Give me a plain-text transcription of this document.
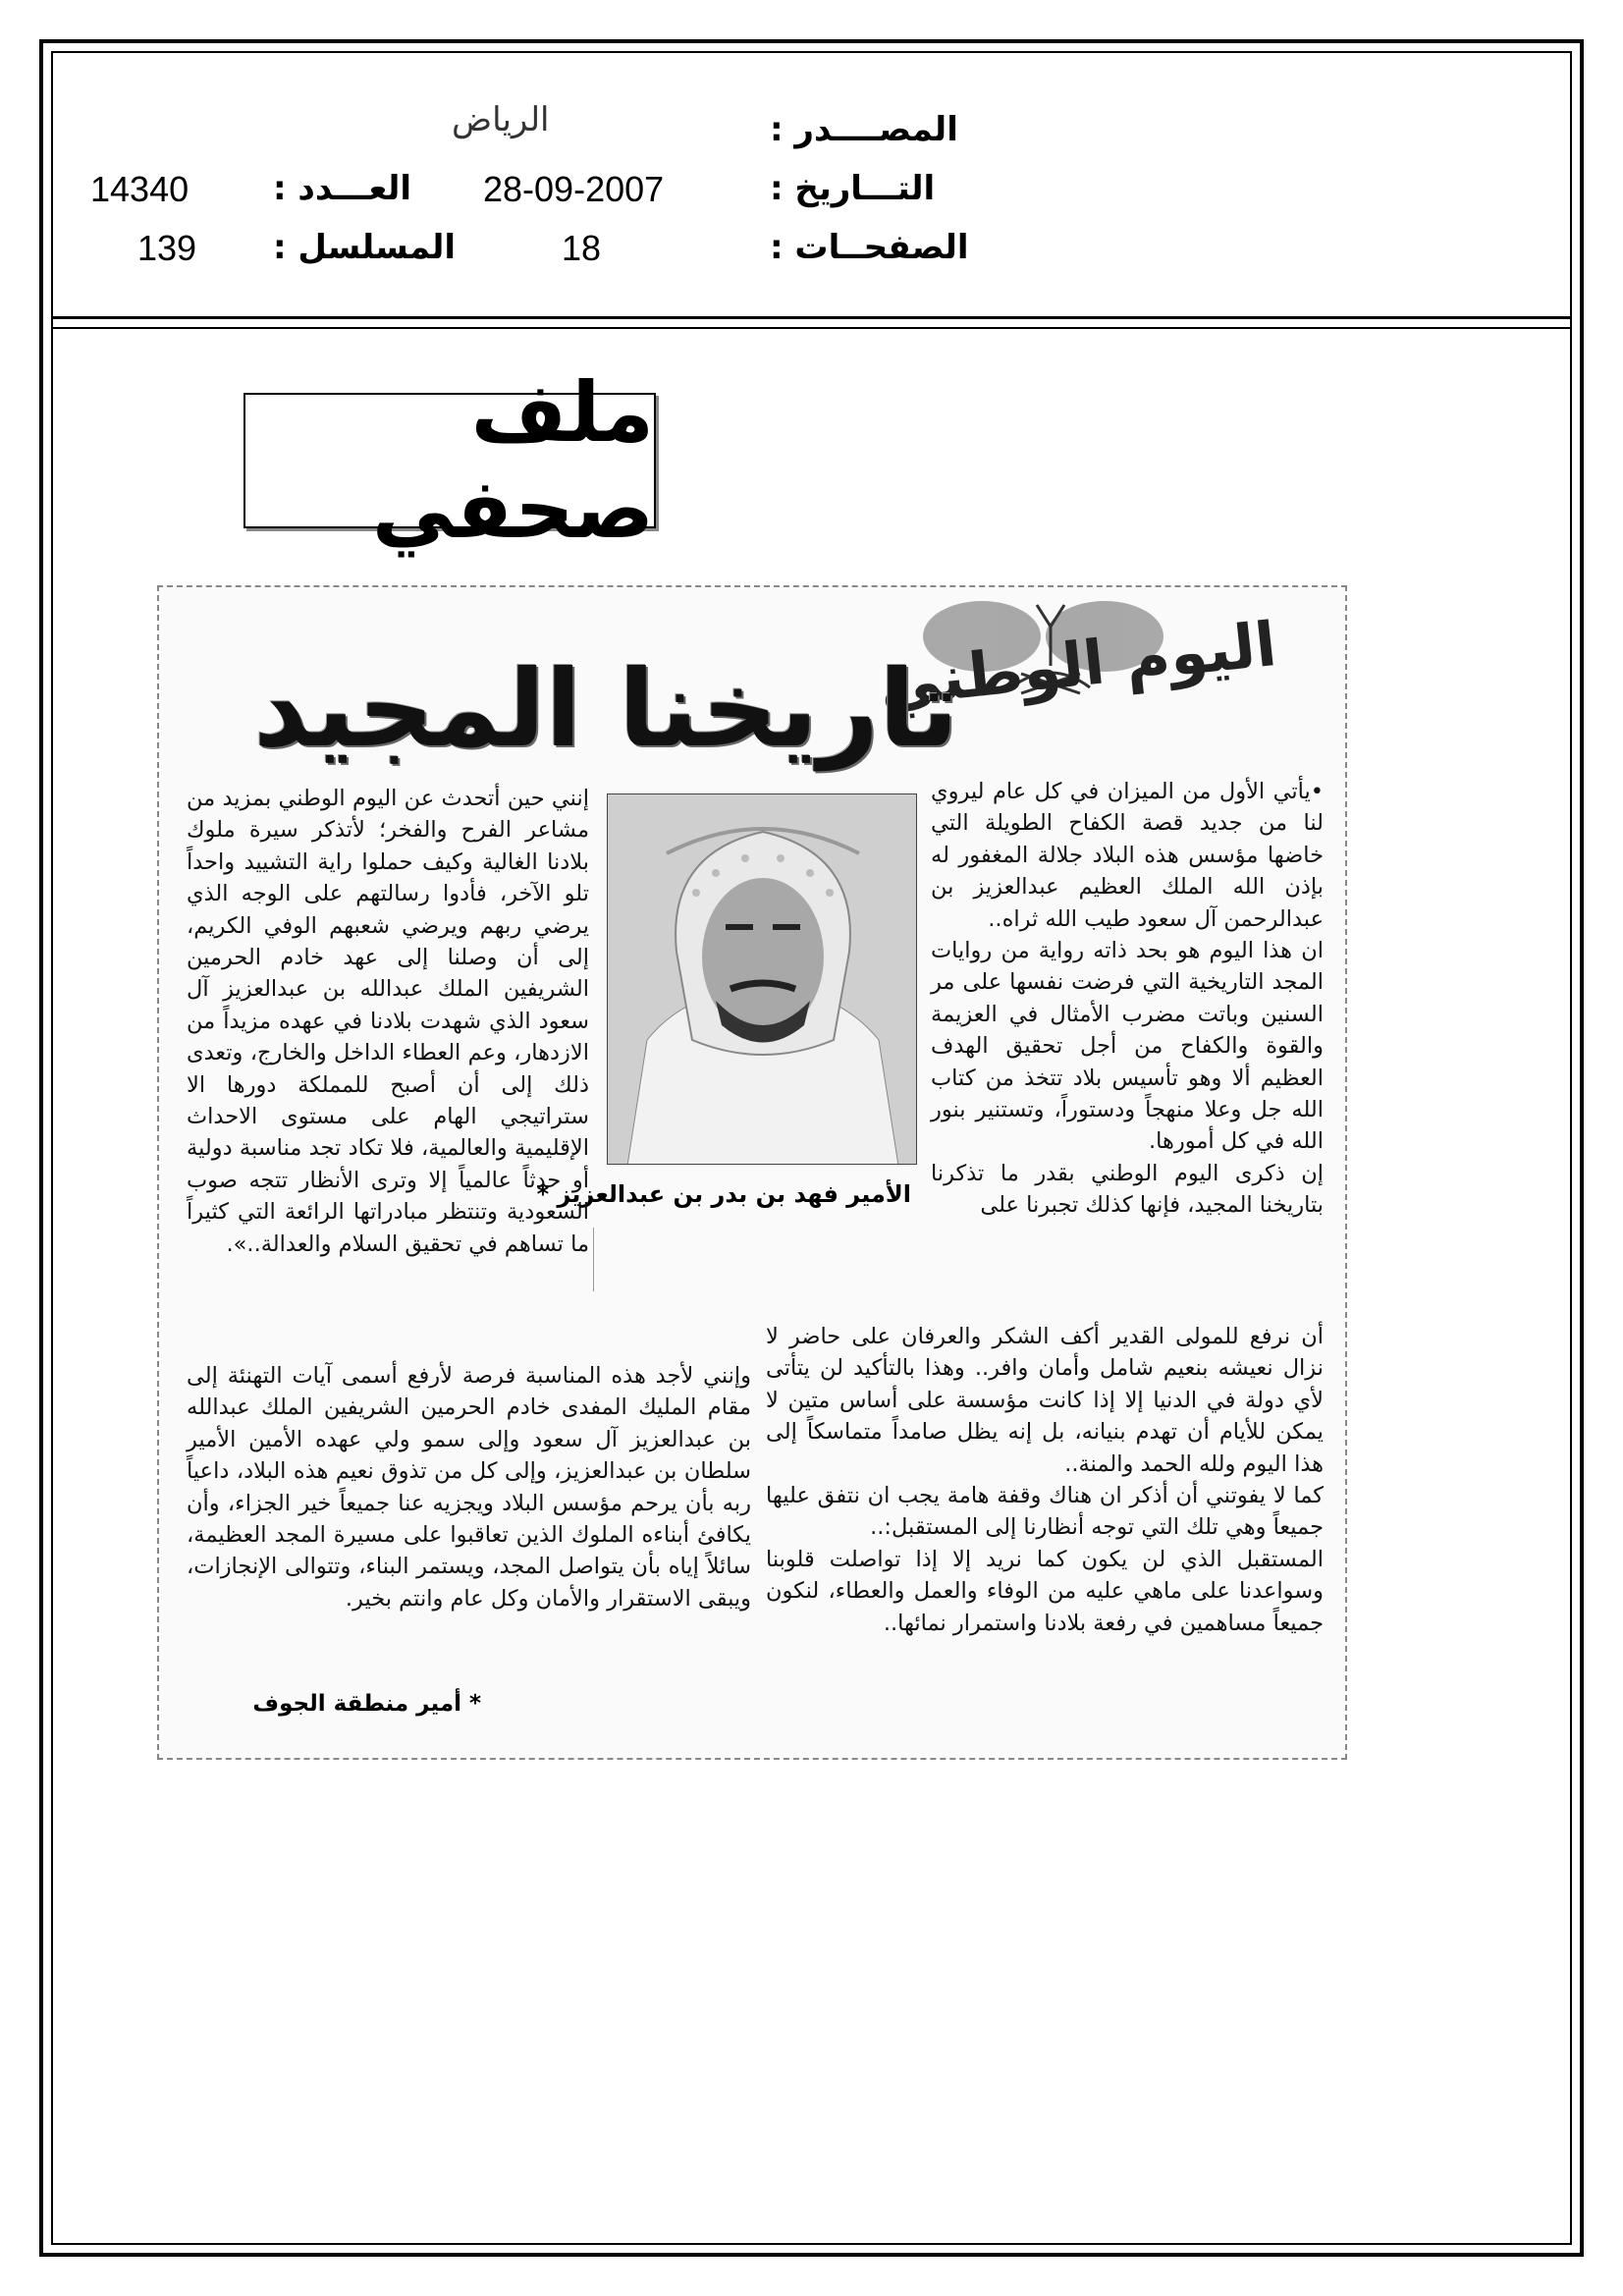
المصــــدر :
الرياض
التـــاريخ :
28-09-2007
العـــدد :
14340
الصفحــات :
18
المسلسل :
139
ملف صحفي
اليوم الوطني
تاريخنا المجيد
الأمير فهد بن بدر بن عبدالعزيز *

•يأتي الأول من الميزان في كل عام ليروي لنا من جديد قصة الكفاح الطويلة التي خاضها مؤسس هذه البلاد جلالة المغفور له بإذن الله الملك العظيم عبدالعزيز بن عبدالرحمن آل سعود طيب الله ثراه..
ان هذا اليوم هو بحد ذاته رواية من روايات المجد التاريخية التي فرضت نفسها على مر السنين وباتت مضرب الأمثال في العزيمة والقوة والكفاح من أجل تحقيق الهدف العظيم ألا وهو تأسيس بلاد تتخذ من كتاب الله جل وعلا منهجاً ودستوراً، وتستنير بنور الله في كل أمورها.
إن ذكرى اليوم الوطني بقدر ما تذكرنا بتاريخنا المجيد، فإنها كذلك تجبرنا على

إنني حين أتحدث عن اليوم الوطني بمزيد من مشاعر الفرح والفخر؛ لأتذكر سيرة ملوك بلادنا الغالية وكيف حملوا راية التشييد واحداً تلو الآخر، فأدوا رسالتهم على الوجه الذي يرضي ربهم ويرضي شعبهم الوفي الكريم، إلى أن وصلنا إلى عهد خادم الحرمين الشريفين الملك عبدالله بن عبدالعزيز آل سعود الذي شهدت بلادنا في عهده مزيداً من الازدهار، وعم العطاء الداخل والخارج، وتعدى ذلك إلى أن أصبح للمملكة دورها الا ستراتيجي الهام على مستوى الاحداث الإقليمية والعالمية، فلا تكاد تجد مناسبة دولية أو حدثاً عالمياً إلا وترى الأنظار تتجه صوب السعودية وتنتظر مبادراتها الرائعة التي كثيراً ما تساهم في تحقيق السلام والعدالة..».

أن نرفع للمولى القدير أكف الشكر والعرفان على حاضر لا نزال نعيشه بنعيم شامل وأمان وافر.. وهذا بالتأكيد لن يتأتى لأي دولة في الدنيا إلا إذا كانت مؤسسة على أساس متين لا يمكن للأيام أن تهدم بنيانه، بل إنه يظل صامداً متماسكاً إلى هذا اليوم ولله الحمد والمنة..
كما لا يفوتني أن أذكر ان هناك وقفة هامة يجب ان نتفق عليها جميعاً وهي تلك التي توجه أنظارنا إلى المستقبل:..
المستقبل الذي لن يكون كما نريد إلا إذا تواصلت قلوبنا وسواعدنا على ماهي عليه من الوفاء والعمل والعطاء، لنكون جميعاً مساهمين في رفعة بلادنا واستمرار نمائها..

وإنني لأجد هذه المناسبة فرصة لأرفع أسمى آيات التهنئة إلى مقام المليك المفدى خادم الحرمين الشريفين الملك عبدالله بن عبدالعزيز آل سعود وإلى سمو ولي عهده الأمين الأمير سلطان بن عبدالعزيز، وإلى كل من تذوق نعيم هذه البلاد، داعياً ربه بأن يرحم مؤسس البلاد ويجزيه عنا جميعاً خير الجزاء، وأن يكافئ أبناءه الملوك الذين تعاقبوا على مسيرة المجد العظيمة، سائلاً إياه بأن يتواصل المجد، ويستمر البناء، وتتوالى الإنجازات، ويبقى الاستقرار والأمان وكل عام وانتم بخير.

* أمير منطقة الجوف
